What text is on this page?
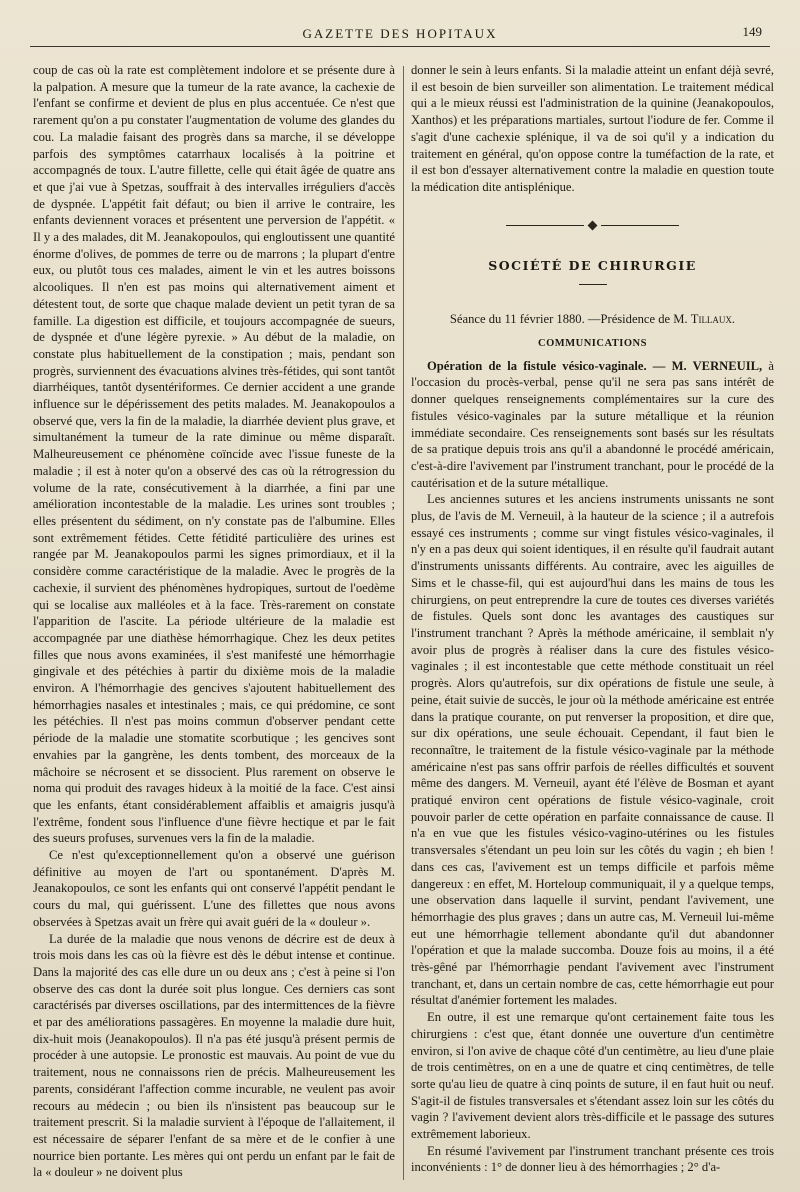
GAZETTE DES HOPITAUX	149

coup de cas où la rate est complètement indolore et se présente dure à la palpation. A mesure que la tumeur de la rate avance, la cachexie de l'enfant se confirme et devient de plus en plus accentuée. Ce n'est que rarement qu'on a pu constater l'augmentation de volume des glandes du cou. La maladie faisant des progrès dans sa marche, il se développe parfois des symptômes catarrhaux localisés à la poitrine et accompagnés de toux. L'autre fillette, celle qui était âgée de quatre ans et que j'ai vue à Spetzas, souffrait à des intervalles irréguliers d'accès de dyspnée. L'appétit fait défaut; ou bien il arrive le contraire, les enfants deviennent voraces et présentent une perversion de l'appétit. « Il y a des malades, dit M. Jeanakopoulos, qui engloutissent une quantité énorme d'olives, de pommes de terre ou de marrons ; la plupart d'entre eux, ou plutôt tous ces malades, aiment le vin et les autres boissons alcooliques. Il n'en est pas moins qui alternativement aiment et détestent tout, de sorte que chaque malade devient un petit tyran de sa famille. La digestion est difficile, et toujours accompagnée de sueurs, de dyspnée et d'une légère pyrexie. » Au début de la maladie, on constate plus habituellement de la constipation ; mais, pendant son progrès, surviennent des évacuations alvines très-fétides, qui sont tantôt diarrhéiques, tantôt dysentériformes. Ce dernier accident a une grande influence sur le dépérissement des petits malades. M. Jeanakopoulos a observé que, vers la fin de la maladie, la diarrhée devient plus grave, et simultanément la tumeur de la rate diminue ou même disparaît. Malheureusement ce phénomène coïncide avec l'issue funeste de la maladie ; il est à noter qu'on a observé des cas où la rétrogression du volume de la rate, consécutivement à la diarrhée, a fini par une amélioration incontestable de la maladie. Les urines sont troubles ; elles présentent du sédiment, on n'y constate pas de l'albumine. Elles sont extrêmement fétides. Cette fétidité particulière des urines est rangée par M. Jeanakopoulos parmi les signes primordiaux, et il la considère comme caractéristique de la maladie. Avec le progrès de la cachexie, il survient des phénomènes hydropiques, surtout de l'oedème qui se localise aux malléoles et à la face. Très-rarement on constate l'apparition de l'ascite. La période ultérieure de la maladie est accompagnée par une diathèse hémorrhagique. Chez les deux petites filles que nous avons examinées, il s'est manifesté une hémorrhagie gingivale et des pétéchies à partir du dixième mois de la maladie environ. A l'hémorrhagie des gencives s'ajoutent habituellement des hémorrhagies nasales et intestinales ; mais, ce qui prédomine, ce sont les pétéchies. Il n'est pas moins commun d'observer pendant cette période de la maladie une stomatite scorbutique ; les gencives sont envahies par la gangrène, les dents tombent, des morceaux de la mâchoire se nécrosent et se dissocient. Plus rarement on observe le noma qui produit des ravages hideux à la moitié de la face. C'est ainsi que les enfants, étant considérablement affaiblis et amaigris jusqu'à l'extrême, fondent sous l'influence d'une fièvre hectique et par le fait des sueurs profuses, survenues vers la fin de la maladie.

Ce n'est qu'exceptionnellement qu'on a observé une guérison définitive au moyen de l'art ou spontanément. D'après M. Jeanakopoulos, ce sont les enfants qui ont conservé l'appétit pendant le cours du mal, qui guérissent. L'une des fillettes que nous avons observées à Spetzas avait un frère qui avait guéri de la « douleur ».

La durée de la maladie que nous venons de décrire est de deux à trois mois dans les cas où la fièvre est dès le début intense et continue. Dans la majorité des cas elle dure un ou deux ans ; c'est à peine si l'on observe des cas dont la durée soit plus longue. Ces derniers cas sont caractérisés par diverses oscillations, par des intermittences de la fièvre et par des améliorations passagères. En moyenne la maladie dure huit, dix-huit mois (Jeanakopoulos). Il n'a pas été jusqu'à présent permis de procéder à une autopsie. Le pronostic est mauvais. Au point de vue du traitement, nous ne connaissons rien de précis. Malheureusement les parents, considérant l'affection comme incurable, ne veulent pas avoir recours au médecin ; ou bien ils n'insistent pas beaucoup sur le traitement prescrit. Si la maladie survient à l'époque de l'allaitement, il est nécessaire de séparer l'enfant de sa mère et de le confier à une nourrice bien portante. Les mères qui ont perdu un enfant par le fait de la « douleur » ne doivent plus

donner le sein à leurs enfants. Si la maladie atteint un enfant déjà sevré, il est besoin de bien surveiller son alimentation. Le traitement médical qui a le mieux réussi est l'administration de la quinine (Jeanakopoulos, Xanthos) et les préparations martiales, surtout l'iodure de fer. Comme il s'agit d'une cachexie splénique, il va de soi qu'il y a indication du traitement en général, qu'on oppose contre la tuméfaction de la rate, et il est bon d'essayer alternativement contre la maladie en question toute la médication dite antisplénique.

SOCIÉTÉ DE CHIRURGIE
Séance du 11 février 1880. —Présidence de M. Tillaux.
COMMUNICATIONS

Opération de la fistule vésico-vaginale. — M. VERNEUIL, à l'occasion du procès-verbal, pense qu'il ne sera pas sans intérêt de donner quelques renseignements complémentaires sur la cure des fistules vésico-vaginales par la suture métallique et la réunion immédiate secondaire. Ces renseignements sont basés sur les résultats de sa pratique depuis trois ans qu'il a abandonné le procédé américain, c'est-à-dire l'avivement par l'instrument tranchant, pour le procédé de la cautérisation et de la suture métallique.

Les anciennes sutures et les anciens instruments unissants ne sont plus, de l'avis de M. Verneuil, à la hauteur de la science ; il a autrefois essayé ces instruments ; comme sur vingt fistules vésico-vaginales, il n'y en a pas deux qui soient identiques, il en résulte qu'il faudrait autant d'instruments unissants différents. Au contraire, avec les aiguilles de Sims et le chasse-fil, qui est aujourd'hui dans les mains de tous les chirurgiens, on peut entreprendre la cure de toutes ces diverses variétés de fistules. Quels sont donc les avantages des caustiques sur l'instrument tranchant ? Après la méthode américaine, il semblait n'y avoir plus de progrès à réaliser dans la cure des fistules vésico-vaginales ; il est incontestable que cette méthode constituait un réel progrès. Alors qu'autrefois, sur dix opérations de fistule une seule, à peine, était suivie de succès, le jour où la méthode américaine est entrée dans la pratique courante, on put renverser la proposition, et dire que, sur dix opérations, une seule échouait. Cependant, il faut bien le reconnaître, le traitement de la fistule vésico-vaginale par la méthode américaine n'est pas sans offrir parfois de réelles difficultés et souvent même des dangers. M. Verneuil, ayant été l'élève de Bosman et ayant pratiqué environ cent opérations de fistule vésico-vaginale, croit pouvoir parler de cette opération en parfaite connaissance de cause. Il n'a en vue que les fistules vésico-vagino-utérines ou les fistules transversales s'étendant un peu loin sur les côtés du vagin ; eh bien ! dans ces cas, l'avivement est un temps difficile et parfois même dangereux : en effet, M. Horteloup communiquait, il y a quelque temps, une observation dans laquelle il survint, pendant l'avivement, une hémorrhagie des plus graves ; dans un autre cas, M. Verneuil lui-même eut une hémorrhagie tellement abondante qu'il dut abandonner l'opération et que la malade succomba. Douze fois au moins, il a été très-gêné par l'hémorrhagie pendant l'avivement avec l'instrument tranchant, et, dans un certain nombre de cas, cette hémorrhagie eut pour résultat d'anémier fortement les malades.

En outre, il est une remarque qu'ont certainement faite tous les chirurgiens : c'est que, étant donnée une ouverture d'un centimètre environ, si l'on avive de chaque côté d'un centimètre, au lieu d'une plaie de trois centimètres, on en a une de quatre et cinq centimètres, de telle sorte qu'au lieu de quatre à cinq points de suture, il en faut huit ou neuf. S'agit-il de fistules transversales et s'étendant assez loin sur les côtés du vagin ? l'avivement devient alors très-difficile et le passage des sutures extrêmement laborieux.

En résumé l'avivement par l'instrument tranchant présente ces trois inconvénients : 1° de donner lieu à des hémorrhagies ; 2° d'a-
